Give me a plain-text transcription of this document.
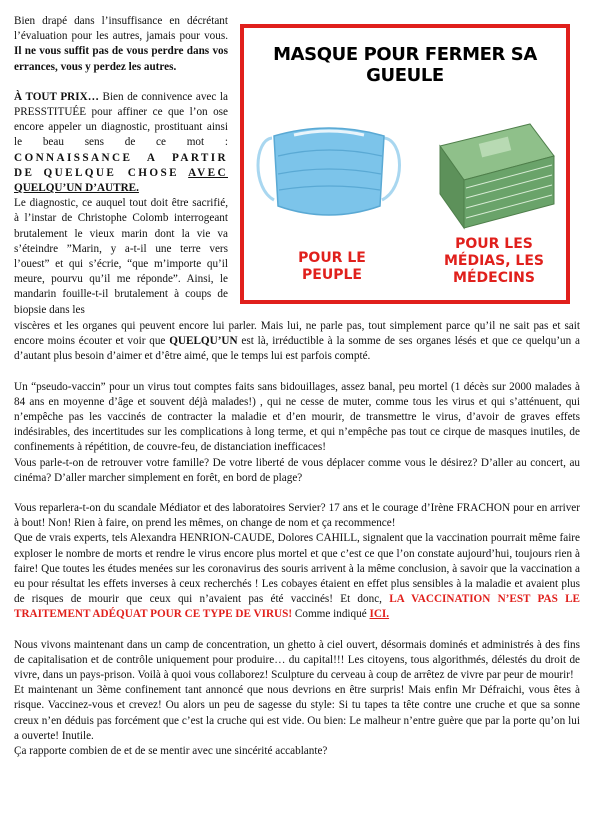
Bien drapé dans l’insuffisance en décrétant l’évaluation pour les autres, jamais pour vous. Il ne vous suffit pas de vous perdre dans vos errances, vous y perdez les autres.

À TOUT PRIX… Bien de connivence avec la PRESSTITUÉE pour affiner ce que l’on ose encore appeler un diagnostic, prostituant ainsi le beau sens de ce mot : CONNAISSANCE A PARTIR DE QUELQUE CHOSE AVEC QUELQU’UN D’AUTRE.

Le diagnostic, ce auquel tout doit être sacrifié, à l’instar de Christophe Colomb interrogeant brutalement le vieux marin dont la vie va s’éteindre ”Marin, y a-t-il une terre vers l’ouest” et qui s’écrie, “que m’importe qu’il meure, pourvu qu’il me réponde”. Ainsi, le mandarin fouille-t-il brutalement à coups de biopsie dans les

MASQUE POUR FERMER SA GUEULE
POUR LE PEUPLE
POUR LES MÉDIAS, LES MÉDECINS

viscères et les organes qui peuvent encore lui parler. Mais lui, ne parle pas, tout simplement parce qu’il ne sait pas et sait encore moins écouter et voir que QUELQU’UN est là, irréductible à la somme de ses organes lésés et que ce quelqu’un a d’autant plus besoin d’aimer et d’être aimé, que le temps lui est parfois compté.

Un “pseudo-vaccin” pour un virus tout comptes faits sans bidouillages, assez banal, peu mortel (1 décès sur 2000 malades à 84 ans en moyenne d’âge et souvent déjà malades!) , qui ne cesse de muter, comme tous les virus et qui s’atténuent, qui n’empêche pas les vaccinés de contracter la maladie et d’en mourir, de transmettre le virus, d’avoir de graves effets indésirables, des incertitudes sur les complications à long terme, et qui n’empêche pas tout ce cirque de masques inutiles, de confinements à répétition, de couvre-feu, de distanciation inefficaces!

Vous parle-t-on de retrouver votre famille? De votre liberté de vous déplacer comme vous le désirez? D’aller au concert, au cinéma? D’aller marcher simplement en forêt, en bord de plage?

Vous reparlera-t-on du scandale Médiator et des laboratoires Servier? 17 ans et le courage d’Irène FRACHON pour en arriver à bout! Non! Rien à faire, on prend les mêmes, on change de nom et ça recommence!

Que de vrais experts, tels Alexandra HENRION-CAUDE, Dolores CAHILL, signalent que la vaccination pourrait même faire exploser le nombre de morts et rendre le virus encore plus mortel et que c’est ce que l’on constate aujourd’hui, toujours rien à faire! Que toutes les études menées sur les coronavirus des souris arrivent à la même conclusion, à savoir que la vaccination a eu pour résultat les effets inverses à ceux recherchés ! Les cobayes étaient en effet plus sensibles à la maladie et avaient plus de risques de mourir que ceux qui n’avaient pas été vaccinés! Et donc, LA VACCINATION N’EST PAS LE TRAITEMENT ADÉQUAT POUR CE TYPE DE VIRUS! Comme indiqué ICI.

Nous vivons maintenant dans un camp de concentration, un ghetto à ciel ouvert, désormais dominés et administrés à des fins de capitalisation et de contrôle uniquement pour produire… du capital!!! Les citoyens, tous algorithmés, délestés du droit de vivre, dans un pays-prison. Voilà à quoi vous collaborez! Sculpture du cerveau à coup de arrêtez de vivre par peur de mourir!

Et maintenant un 3ème confinement tant annoncé que nous devrions en être surpris! Mais enfin Mr Défraichi, vous êtes à risque. Vaccinez-vous et crevez! Ou alors un peu de sagesse du style: Si tu tapes ta tête contre une cruche et que sa sonne creux n’en déduis pas forcément que c’est la cruche qui est vide. Ou bien: Le malheur n’entre guère que par la porte qu’on lui a ouverte! Inutile.

Ça rapporte combien de et de se mentir avec une sincérité accablante?
